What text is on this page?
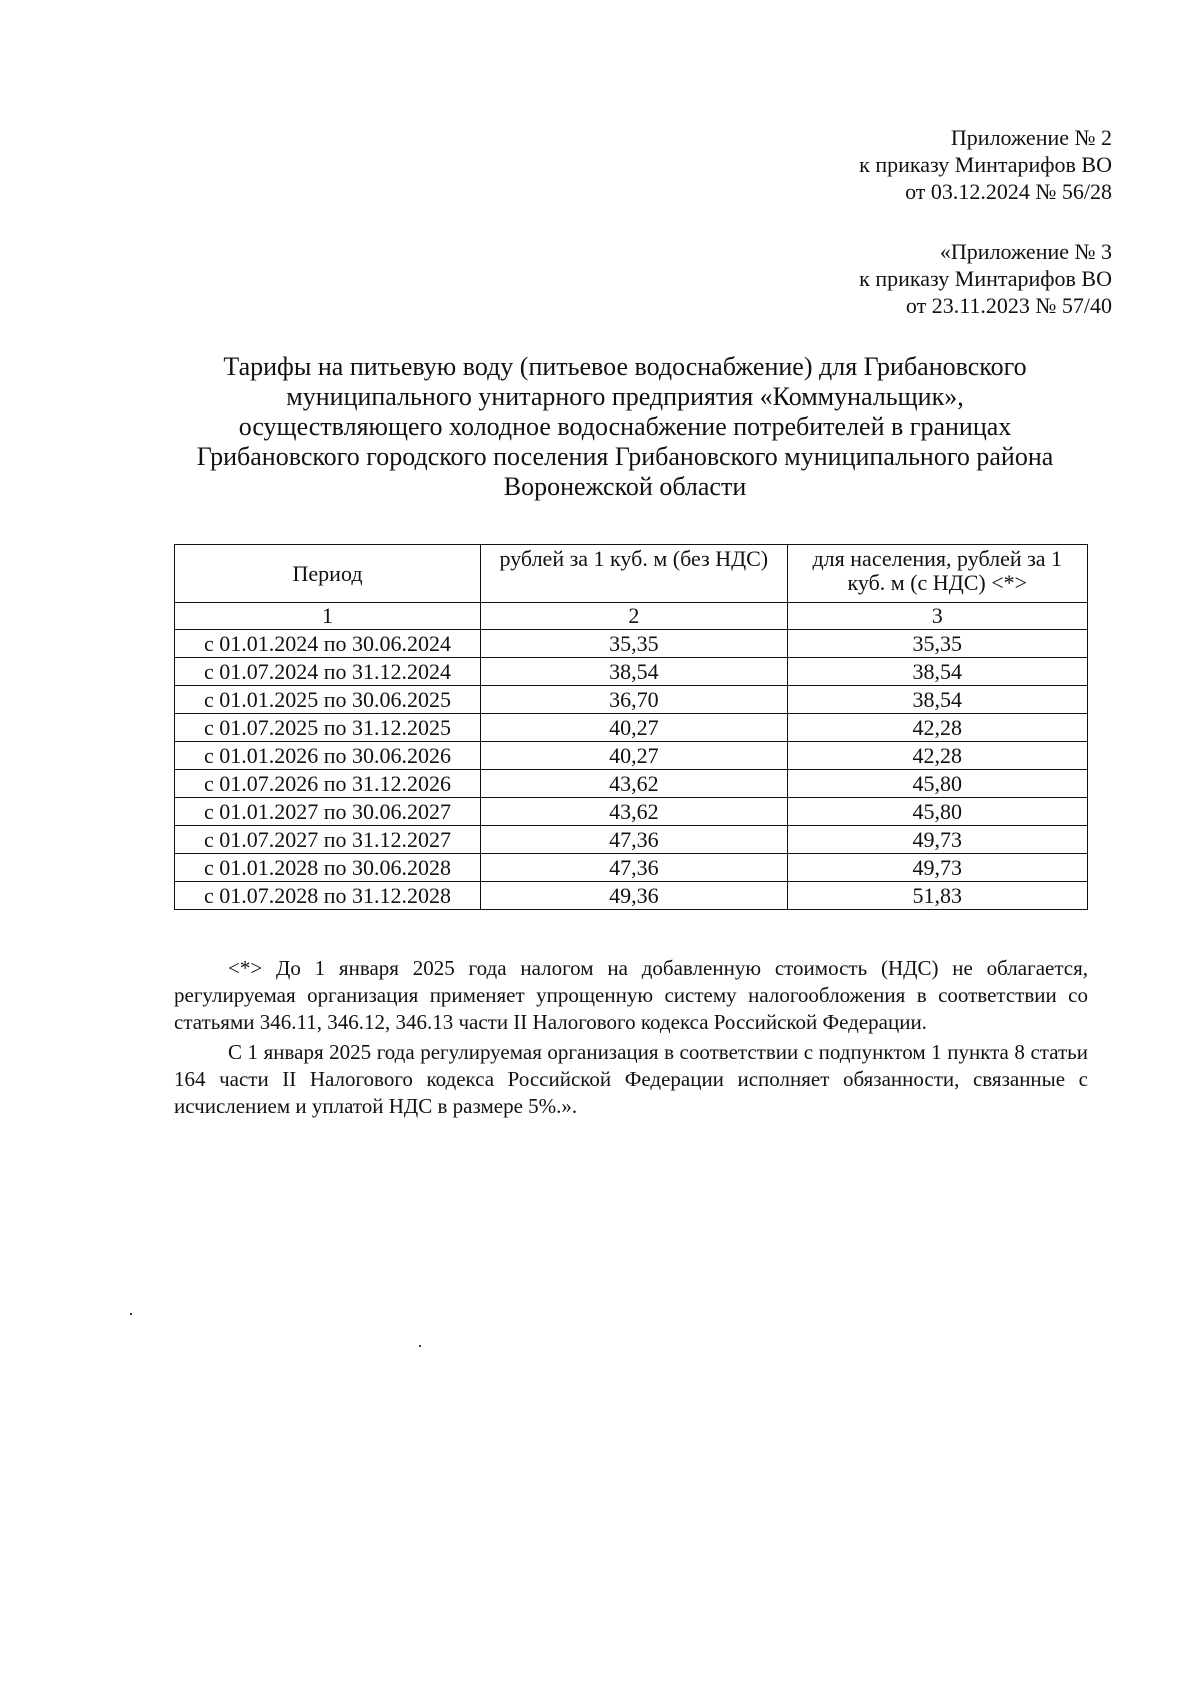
Приложение № 2
к приказу Минтарифов ВО
от 03.12.2024 № 56/28
«Приложение № 3
к приказу Минтарифов ВО
от 23.11.2023 № 57/40
Тарифы на питьевую воду (питьевое водоснабжение) для Грибановского
муниципального унитарного предприятия «Коммунальщик»,
осуществляющего холодное водоснабжение потребителей в границах
Грибановского городского поселения Грибановского муниципального района
Воронежской области
Период	рублей за 1 куб. м (без НДС)	для населения, рублей за 1 куб. м (с НДС) <*>
1	2	3
с 01.01.2024 по 30.06.2024	35,35	35,35
с 01.07.2024 по 31.12.2024	38,54	38,54
с 01.01.2025 по 30.06.2025	36,70	38,54
с 01.07.2025 по 31.12.2025	40,27	42,28
с 01.01.2026 по 30.06.2026	40,27	42,28
с 01.07.2026 по 31.12.2026	43,62	45,80
с 01.01.2027 по 30.06.2027	43,62	45,80
с 01.07.2027 по 31.12.2027	47,36	49,73
с 01.01.2028 по 30.06.2028	47,36	49,73
с 01.07.2028 по 31.12.2028	49,36	51,83

<*> До 1 января 2025 года налогом на добавленную стоимость (НДС) не облагается, регулируемая организация применяет упрощенную систему налогообложения в соответствии со статьями 346.11, 346.12, 346.13 части II Налогового кодекса Российской Федерации.

С 1 января 2025 года регулируемая организация в соответствии с подпунктом 1 пункта 8 статьи 164 части II Налогового кодекса Российской Федерации исполняет обязанности, связанные с исчислением и уплатой НДС в размере 5%.».
